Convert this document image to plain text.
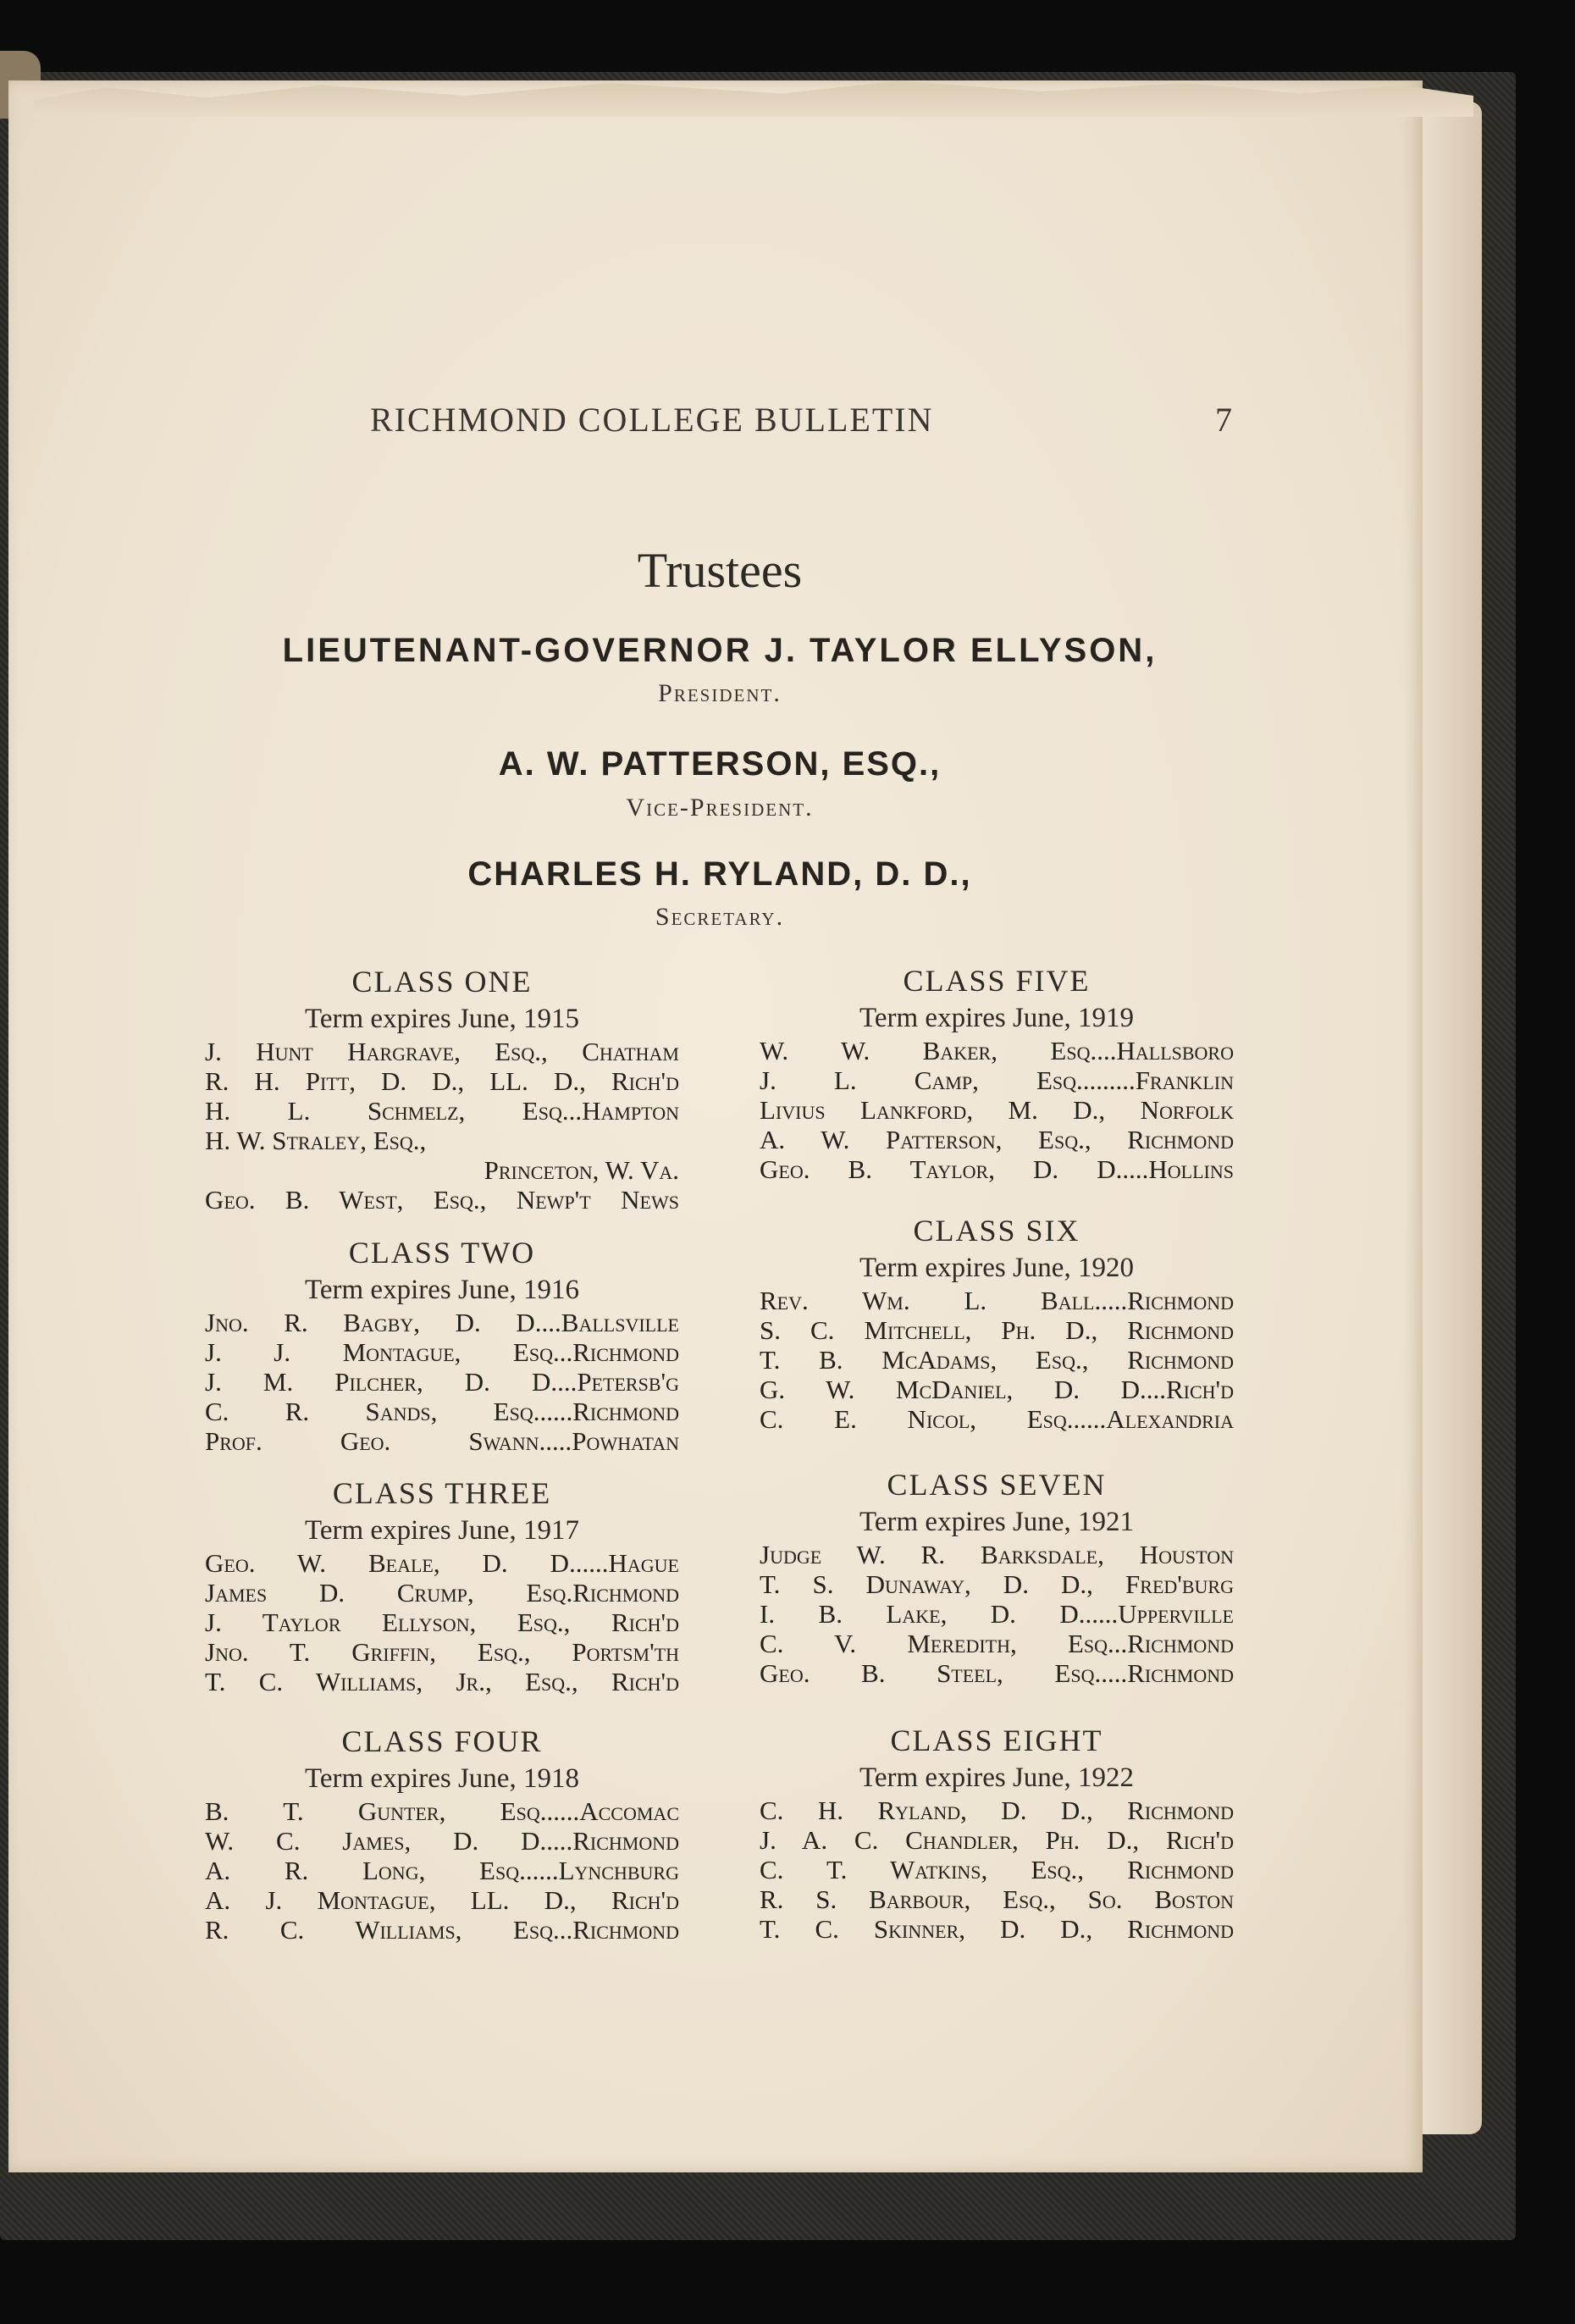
RICHMOND COLLEGE BULLETIN	7
Trustees
LIEUTENANT-GOVERNOR J. TAYLOR ELLYSON,
President.
A. W. PATTERSON, ESQ.,
Vice-President.
CHARLES H. RYLAND, D. D.,
Secretary.
CLASS ONE
Term expires June, 1915
J. Hunt Hargrave, Esq., Chatham
R. H. Pitt, D. D., LL. D., Rich'd
H. L. Schmelz, Esq...Hampton
H. W. Straley, Esq.,
Princeton, W. Va.
Geo. B. West, Esq., Newp't News
CLASS TWO
Term expires June, 1916
Jno. R. Bagby, D. D....Ballsville
J. J. Montague, Esq...Richmond
J. M. Pilcher, D. D....Petersb'g
C. R. Sands, Esq......Richmond
Prof. Geo. Swann.....Powhatan
CLASS THREE
Term expires June, 1917
Geo. W. Beale, D. D......Hague
James D. Crump, Esq.Richmond
J. Taylor Ellyson, Esq., Rich'd
Jno. T. Griffin, Esq., Portsm'th
T. C. Williams, Jr., Esq., Rich'd
CLASS FOUR
Term expires June, 1918
B. T. Gunter, Esq......Accomac
W. C. James, D. D.....Richmond
A. R. Long, Esq......Lynchburg
A. J. Montague, LL. D., Rich'd
R. C. Williams, Esq...Richmond
CLASS FIVE
Term expires June, 1919
W. W. Baker, Esq....Hallsboro
J. L. Camp, Esq.........Franklin
Livius Lankford, M. D., Norfolk
A. W. Patterson, Esq., Richmond
Geo. B. Taylor, D. D.....Hollins
CLASS SIX
Term expires June, 1920
Rev. Wm. L. Ball.....Richmond
S. C. Mitchell, Ph. D., Richmond
T. B. McAdams, Esq., Richmond
G. W. McDaniel, D. D....Rich'd
C. E. Nicol, Esq......Alexandria
CLASS SEVEN
Term expires June, 1921
Judge W. R. Barksdale, Houston
T. S. Dunaway, D. D., Fred'burg
I. B. Lake, D. D......Upperville
C. V. Meredith, Esq...Richmond
Geo. B. Steel, Esq.....Richmond
CLASS EIGHT
Term expires June, 1922
C. H. Ryland, D. D., Richmond
J. A. C. Chandler, Ph. D., Rich'd
C. T. Watkins, Esq., Richmond
R. S. Barbour, Esq., So. Boston
T. C. Skinner, D. D., Richmond
